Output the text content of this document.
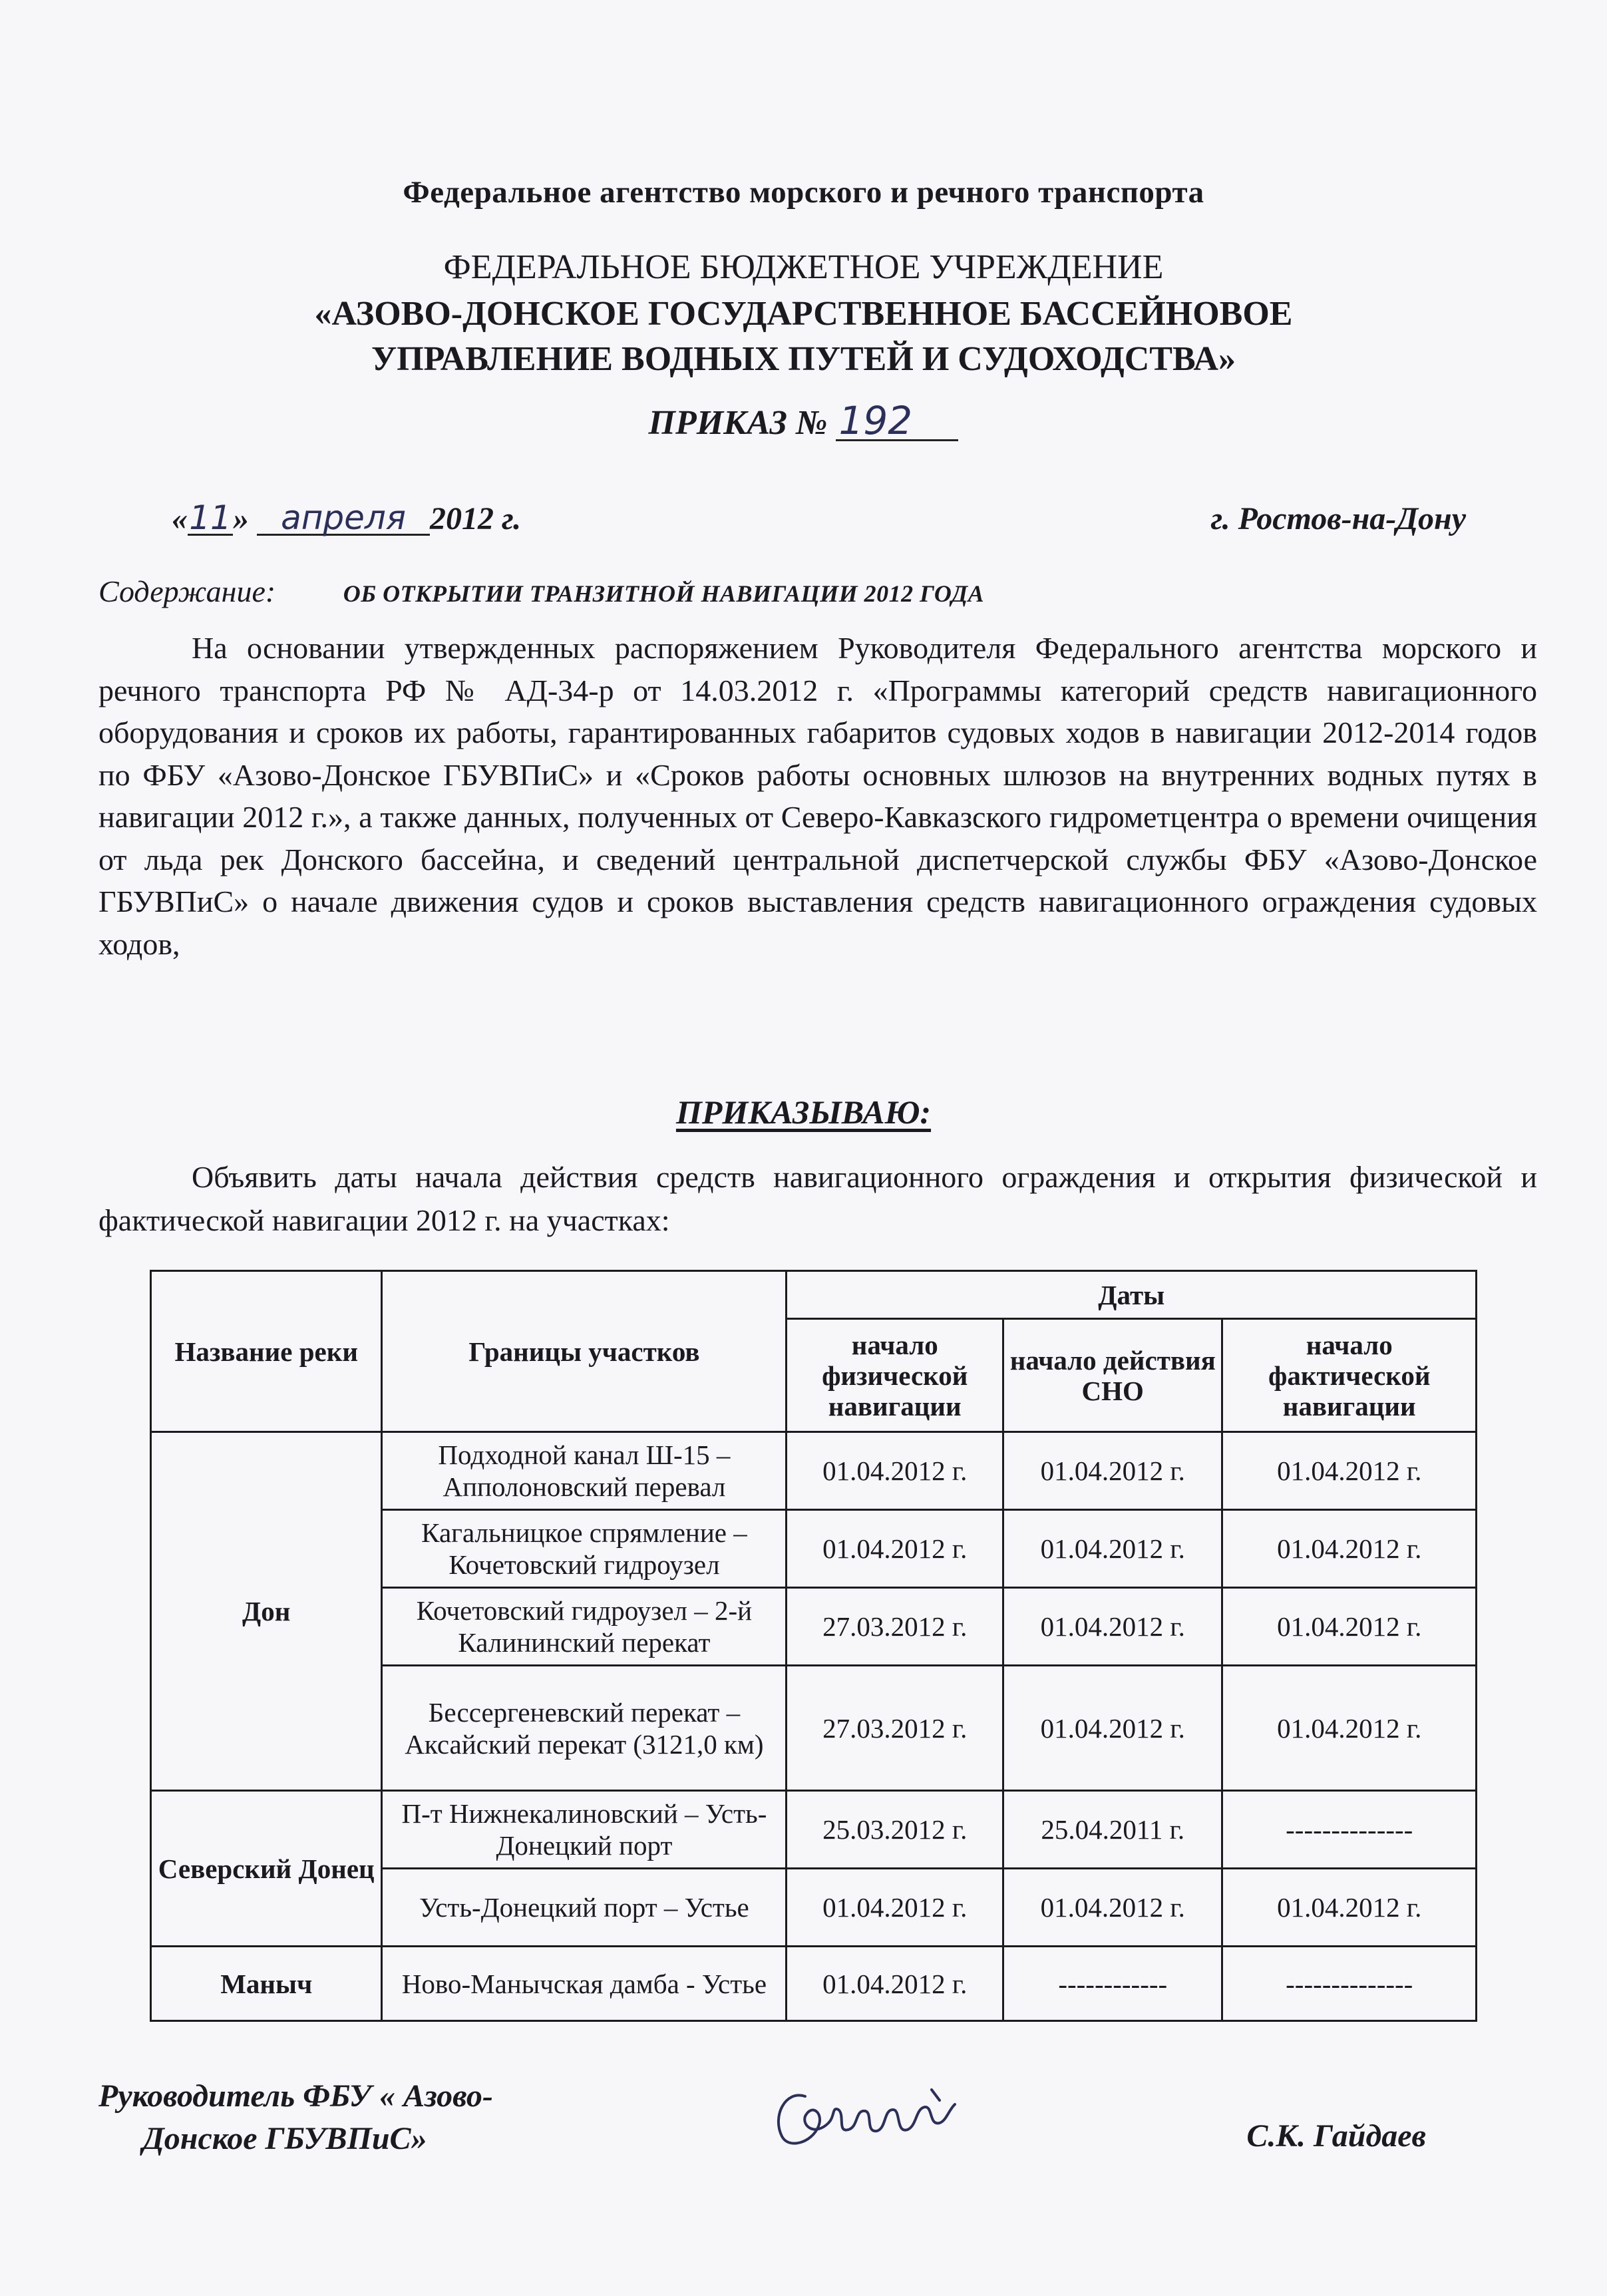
Федеральное агентство морского и речного транспорта
ФЕДЕРАЛЬНОЕ БЮДЖЕТНОЕ УЧРЕЖДЕНИЕ
«АЗОВО-ДОНСКОЕ ГОСУДАРСТВЕННОЕ БАССЕЙНОВОЕ
УПРАВЛЕНИЕ ВОДНЫХ ПУТЕЙ И СУДОХОДСТВА»
ПРИКАЗ № 192
«11» апреля 2012 г.	г. Ростов-на-Дону
Содержание:	ОБ ОТКРЫТИИ ТРАНЗИТНОЙ НАВИГАЦИИ 2012 ГОДА

На основании утвержденных распоряжением Руководителя Федерального агентства морского и речного транспорта РФ № АД-34-р от 14.03.2012 г. «Программы категорий средств навигационного оборудования и сроков их работы, гарантированных габаритов судовых ходов в навигации 2012-2014 годов по ФБУ «Азово-Донское ГБУВПиС» и «Сроков работы основных шлюзов на внутренних водных путях в навигации 2012 г.», а также данных, полученных от Северо-Кавказского гидрометцентра о времени очищения от льда рек Донского бассейна, и сведений центральной диспетчерской службы ФБУ «Азово-Донское ГБУВПиС» о начале движения судов и сроков выставления средств навигационного ограждения судовых ходов,

ПРИКАЗЫВАЮ:

Объявить даты начала действия средств навигационного ограждения и открытия физической и фактической навигации 2012 г. на участках:

Название реки	Границы участков	Даты		
		начало физической навигации	начало действия СНО	начало фактической навигации
Дон	Подходной канал Ш-15 – Апполоновский перевал	01.04.2012 г.	01.04.2012 г.	01.04.2012 г.
	Кагальницкое спрямление – Кочетовский гидроузел	01.04.2012 г.	01.04.2012 г.	01.04.2012 г.
	Кочетовский гидроузел – 2-й Калининский перекат	27.03.2012 г.	01.04.2012 г.	01.04.2012 г.
	Бессергеневский перекат – Аксайский перекат (3121,0 км)	27.03.2012 г.	01.04.2012 г.	01.04.2012 г.
Северский Донец	П-т Нижнекалиновский – Усть-Донецкий порт	25.03.2012 г.	25.04.2011 г.	--------------
	Усть-Донецкий порт – Устье	01.04.2012 г.	01.04.2012 г.	01.04.2012 г.
Маныч	Ново-Манычская дамба - Устье	01.04.2012 г.	------------	--------------
Руководитель ФБУ « Азово-
Донское ГБУВПиС»	С.К. Гайдаев
